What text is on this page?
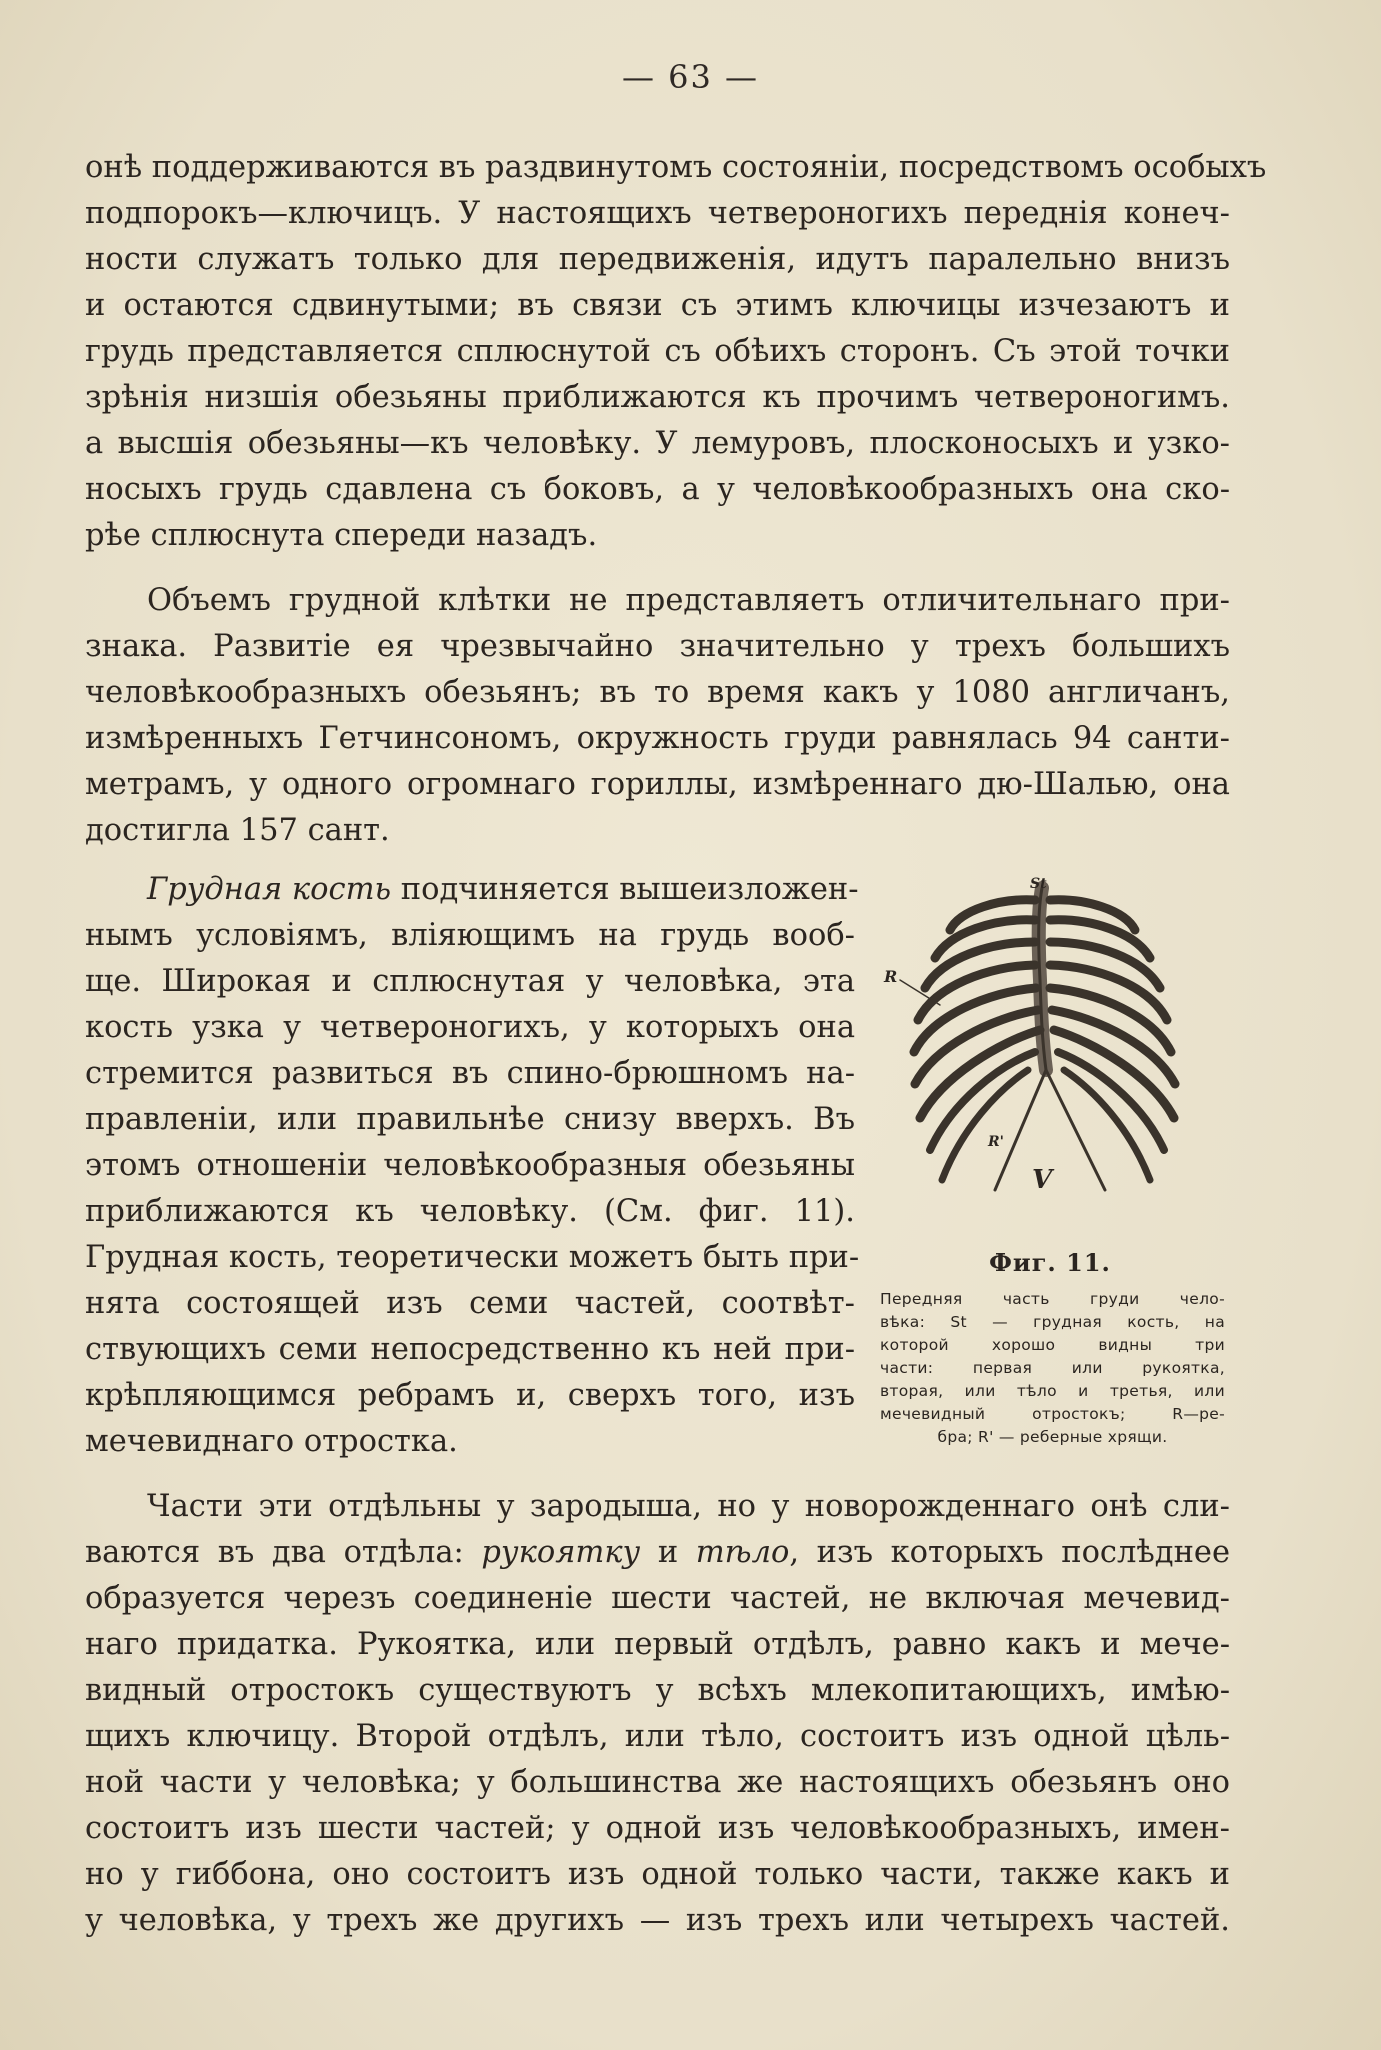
— 63 —
онѣ поддерживаются въ раздвинутомъ состояніи, посредствомъ особыхъ
подпорокъ—ключицъ. У настоящихъ четвероногихъ переднія конеч-
ности служатъ только для передвиженія, идутъ паралельно внизъ
и остаются сдвинутыми; въ связи съ этимъ ключицы изчезаютъ и
грудь представляется сплюснутой съ обѣихъ сторонъ. Съ этой точки
зрѣнія низшія обезьяны приближаются къ прочимъ четвероногимъ.
а высшія обезьяны—къ человѣку. У лемуровъ, плосконосыхъ и узко-
носыхъ грудь сдавлена съ боковъ, а у человѣкообразныхъ она ско-
рѣе сплюснута спереди назадъ.
Объемъ грудной клѣтки не представляетъ отличительнаго при-
знака. Развитіе ея чрезвычайно значительно у трехъ большихъ
человѣкообразныхъ обезьянъ; въ то время какъ у 1080 англичанъ,
измѣренныхъ Гетчинсономъ, окружность груди равнялась 94 санти-
метрамъ, у одного огромнаго гориллы, измѣреннаго дю-Шалью, она
достигла 157 сант.
Грудная кость подчиняется вышеизложен-
нымъ условіямъ, вліяющимъ на грудь вооб-
ще. Широкая и сплюснутая у человѣка, эта
кость узка у четвероногихъ, у которыхъ она
стремится развиться въ спино-брюшномъ на-
правленіи, или правильнѣе снизу вверхъ. Въ
этомъ отношеніи человѣкообразныя обезьяны
приближаются къ человѣку. (См. фиг. 11).
Грудная кость, теоретически можетъ быть при-
нята состоящей изъ семи частей, соотвѣт-
ствующихъ семи непосредственно къ ней при-
крѣпляющимся ребрамъ и, сверхъ того, изъ
мечевиднаго отростка.
St
R
R'
V
Фиг. 11.
Передняя часть груди чело-
вѣка: St — грудная кость, на
которой хорошо видны три
части: первая или рукоятка,
вторая, или тѣло и третья, или
мечевидный отростокъ; R—ре-
бра; R' — реберные хрящи.
Части эти отдѣльны у зародыша, но у новорожденнаго онѣ сли-
ваются въ два отдѣла: рукоятку и тѣло, изъ которыхъ послѣднее
образуется черезъ соединеніе шести частей, не включая мечевид-
наго придатка. Рукоятка, или первый отдѣлъ, равно какъ и мече-
видный отростокъ существуютъ у всѣхъ млекопитающихъ, имѣю-
щихъ ключицу. Второй отдѣлъ, или тѣло, состоитъ изъ одной цѣль-
ной части у человѣка; у большинства же настоящихъ обезьянъ оно
состоитъ изъ шести частей; у одной изъ человѣкообразныхъ, имен-
но у гиббона, оно состоитъ изъ одной только части, также какъ и
у человѣка, у трехъ же другихъ — изъ трехъ или четырехъ частей.
